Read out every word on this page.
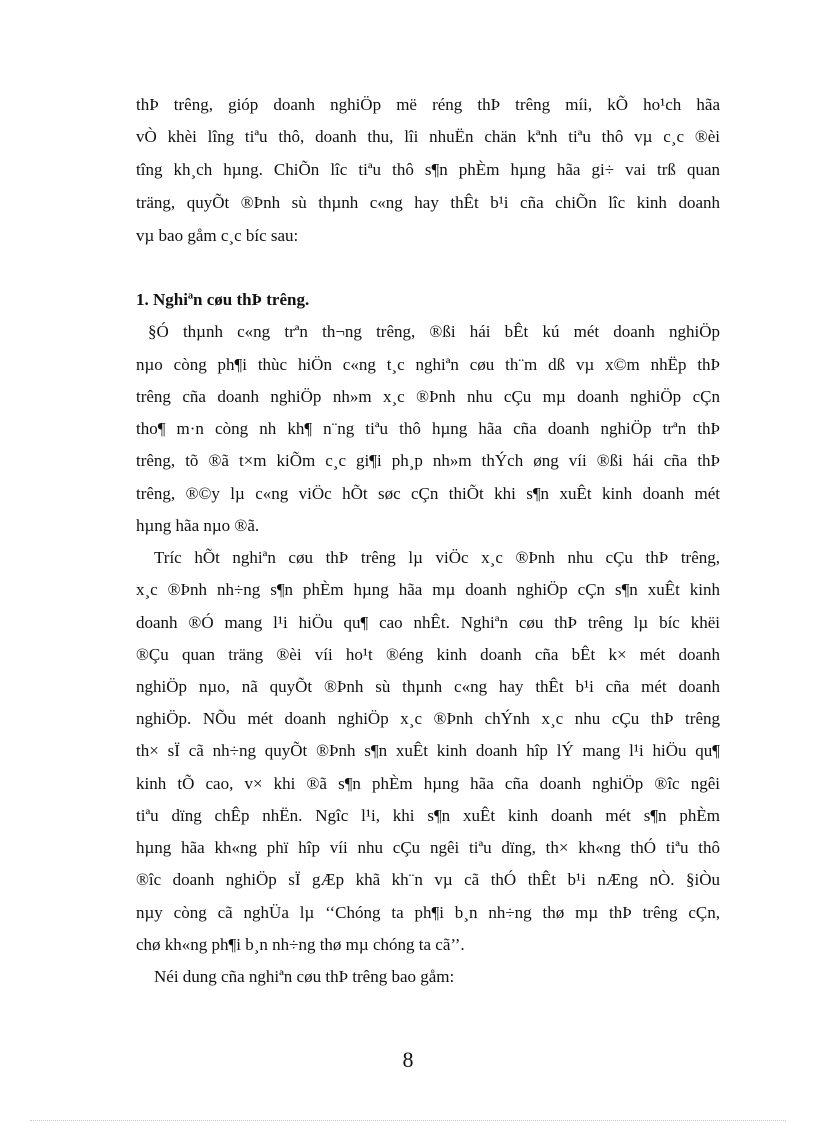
thÞ trêng, gióp doanh nghiÖp më réng thÞ trêng míi, kÕ ho¹ch hãa
vÒ khèi lîng tiªu thô, doanh thu, lîi nhuËn chän kªnh tiªu thô vµ c¸c ®èi
tîng kh¸ch hµng. ChiÕn lîc tiªu thô s¶n phÈm hµng hãa gi÷ vai trß quan
träng, quyÕt ®Þnh sù thµnh c«ng hay thÊt b¹i cña chiÕn lîc kinh doanh
vµ bao gåm c¸c bíc sau:
1. Nghiªn cøu thÞ trêng.
§Ó thµnh c«ng trªn th¬ng trêng, ®ßi hái bÊt kú mét doanh nghiÖp
nµo còng ph¶i thùc hiÖn c«ng t¸c nghiªn cøu th¨m dß vµ x©m nhËp thÞ
trêng cña doanh nghiÖp nh»m x¸c ®Þnh nhu cÇu mµ doanh nghiÖp cÇn
tho¶ m·n còng nh kh¶ n¨ng tiªu thô hµng hãa cña doanh nghiÖp trªn thÞ
trêng, tõ ®ã t×m kiÕm c¸c gi¶i ph¸p nh»m thÝch øng víi ®ßi hái cña thÞ
trêng, ®©y lµ c«ng viÖc hÕt søc cÇn thiÕt khi s¶n xuÊt kinh doanh mét
hµng hãa nµo ®ã.
Tríc hÕt nghiªn cøu thÞ trêng lµ viÖc x¸c ®Þnh nhu cÇu thÞ trêng,
x¸c ®Þnh nh÷ng s¶n phÈm hµng hãa mµ doanh nghiÖp cÇn s¶n xuÊt kinh
doanh ®Ó mang l¹i hiÖu qu¶ cao nhÊt. Nghiªn cøu thÞ trêng lµ bíc khëi
®Çu quan träng ®èi víi ho¹t ®éng kinh doanh cña bÊt k× mét doanh
nghiÖp nµo, nã quyÕt ®Þnh sù thµnh c«ng hay thÊt b¹i cña mét doanh
nghiÖp. NÕu mét doanh nghiÖp x¸c ®Þnh chÝnh x¸c nhu cÇu thÞ trêng
th× sÏ cã nh÷ng quyÕt ®Þnh s¶n xuÊt kinh doanh hîp lÝ mang l¹i hiÖu qu¶
kinh tÕ cao, v× khi ®ã s¶n phÈm hµng hãa cña doanh nghiÖp ®îc ngêi
tiªu dïng chÊp nhËn. Ngîc l¹i, khi s¶n xuÊt kinh doanh mét s¶n phÈm
hµng hãa kh«ng phï hîp víi nhu cÇu ngêi tiªu dïng, th× kh«ng thÓ tiªu thô
®îc doanh nghiÖp sÏ gÆp khã kh¨n vµ cã thÓ thÊt b¹i nÆng nÒ. §iÒu
nµy còng cã nghÜa lµ ‘‘Chóng ta ph¶i b¸n nh÷ng thø mµ thÞ trêng cÇn,
chø kh«ng ph¶i b¸n nh÷ng thø mµ chóng ta cã’’.
Néi dung cña nghiªn cøu thÞ trêng bao gåm:
8
